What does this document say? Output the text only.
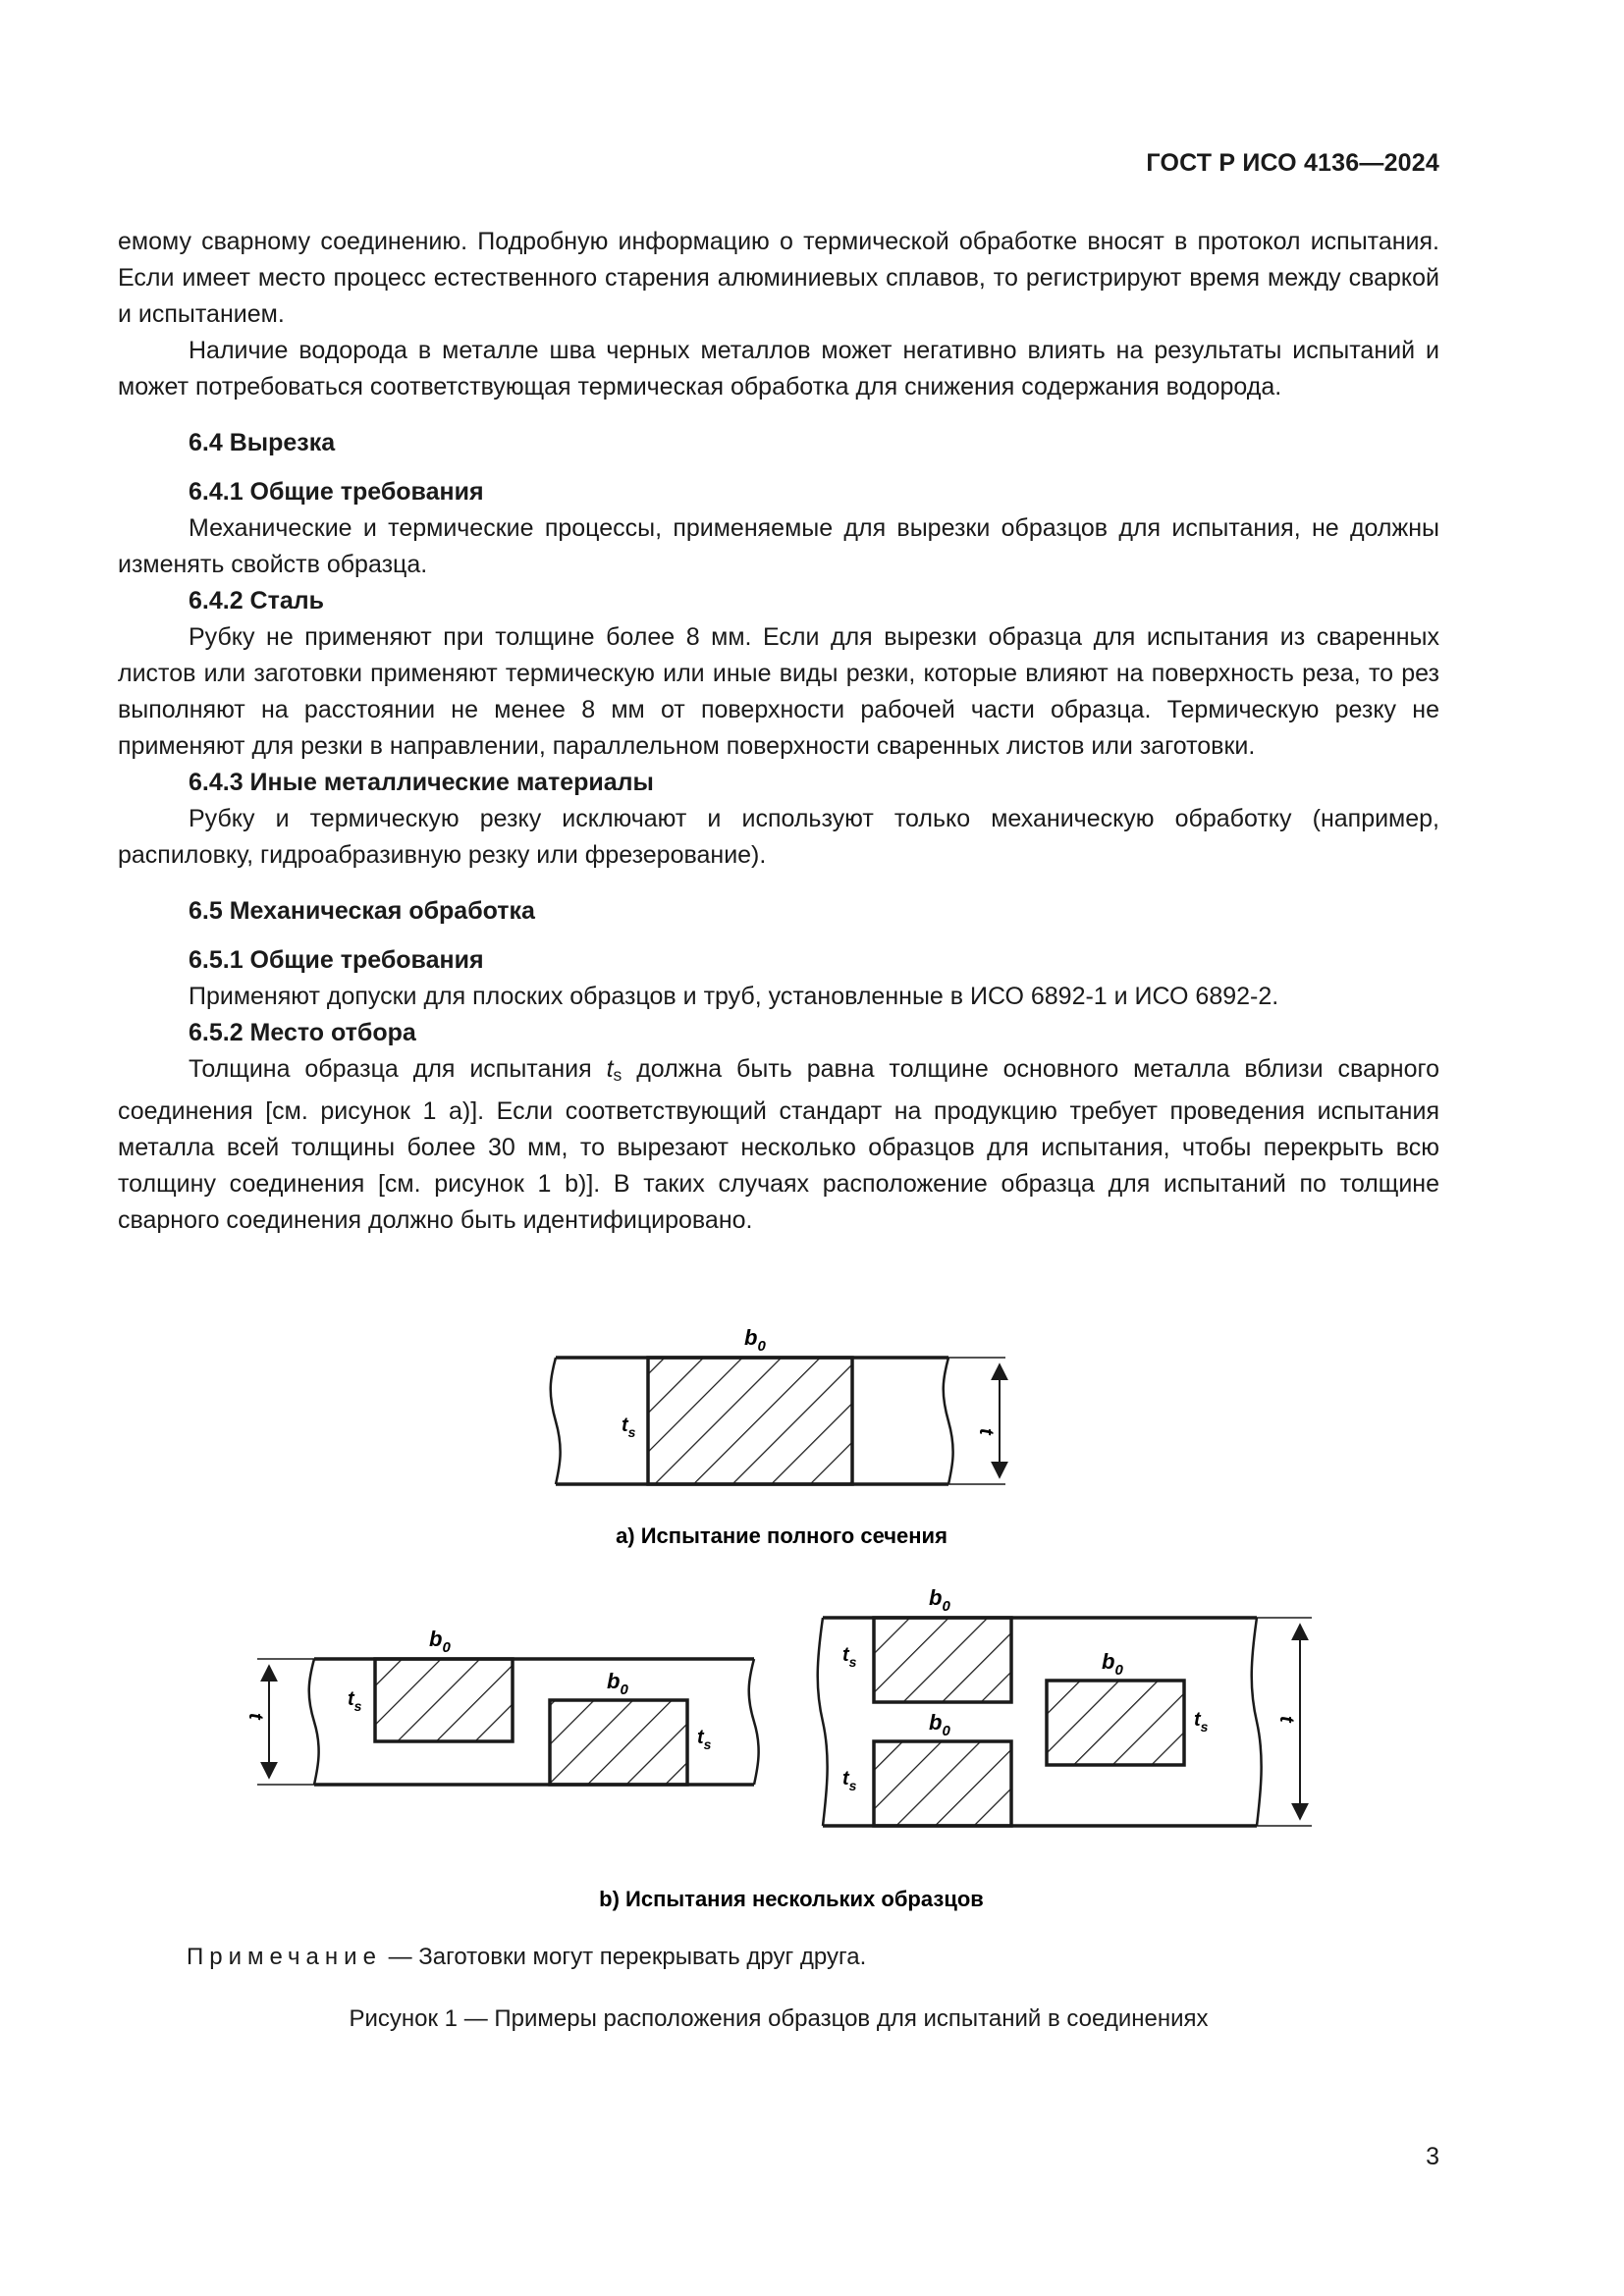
ГОСТ Р ИСО 4136—2024

емому сварному соединению. Подробную информацию о термической обработке вносят в протокол испытания. Если имеет место процесс естественного старения алюминиевых сплавов, то регистрируют время между сваркой и испытанием.

Наличие водорода в металле шва черных металлов может негативно влиять на результаты испытаний и может потребоваться соответствующая термическая обработка для снижения содержания водорода.

6.4 Вырезка

6.4.1 Общие требования

Механические и термические процессы, применяемые для вырезки образцов для испытания, не должны изменять свойств образца.

6.4.2 Сталь

Рубку не применяют при толщине более 8 мм. Если для вырезки образца для испытания из сваренных листов или заготовки применяют термическую или иные виды резки, которые влияют на поверхность реза, то рез выполняют на расстоянии не менее 8 мм от поверхности рабочей части образца. Термическую резку не применяют для резки в направлении, параллельном поверхности сваренных листов или заготовки.

6.4.3 Иные металлические материалы

Рубку и термическую резку исключают и используют только механическую обработку (например, распиловку, гидроабразивную резку или фрезерование).

6.5 Механическая обработка

6.5.1 Общие требования

Применяют допуски для плоских образцов и труб, установленные в ИСО 6892-1 и ИСО 6892-2.

6.5.2 Место отбора

Толщина образца для испытания $t_s$ должна быть равна толщине основного металла вблизи сварного соединения [см. рисунок 1 a)]. Если соответствующий стандарт на продукцию требует проведения испытания металла всей толщины более 30 мм, то вырезают несколько образцов для испытания, чтобы перекрыть всю толщину соединения [см. рисунок 1 b)]. В таких случаях расположение образца для испытаний по толщине сварного соединения должно быть идентифицировано.

$b_0$
$t_s$	t
a) Испытание полного сечения
t
$b_0$
$b_0$
$t_s$
$t_s$
t
$b_0$
$b_0$
$b_0$
$t_s$
$t_s$
$t_s$
b) Испытания нескольких образцов
Примечание — Заготовки могут перекрывать друг друга.
Рисунок 1 — Примеры расположения образцов для испытаний в соединениях
3
